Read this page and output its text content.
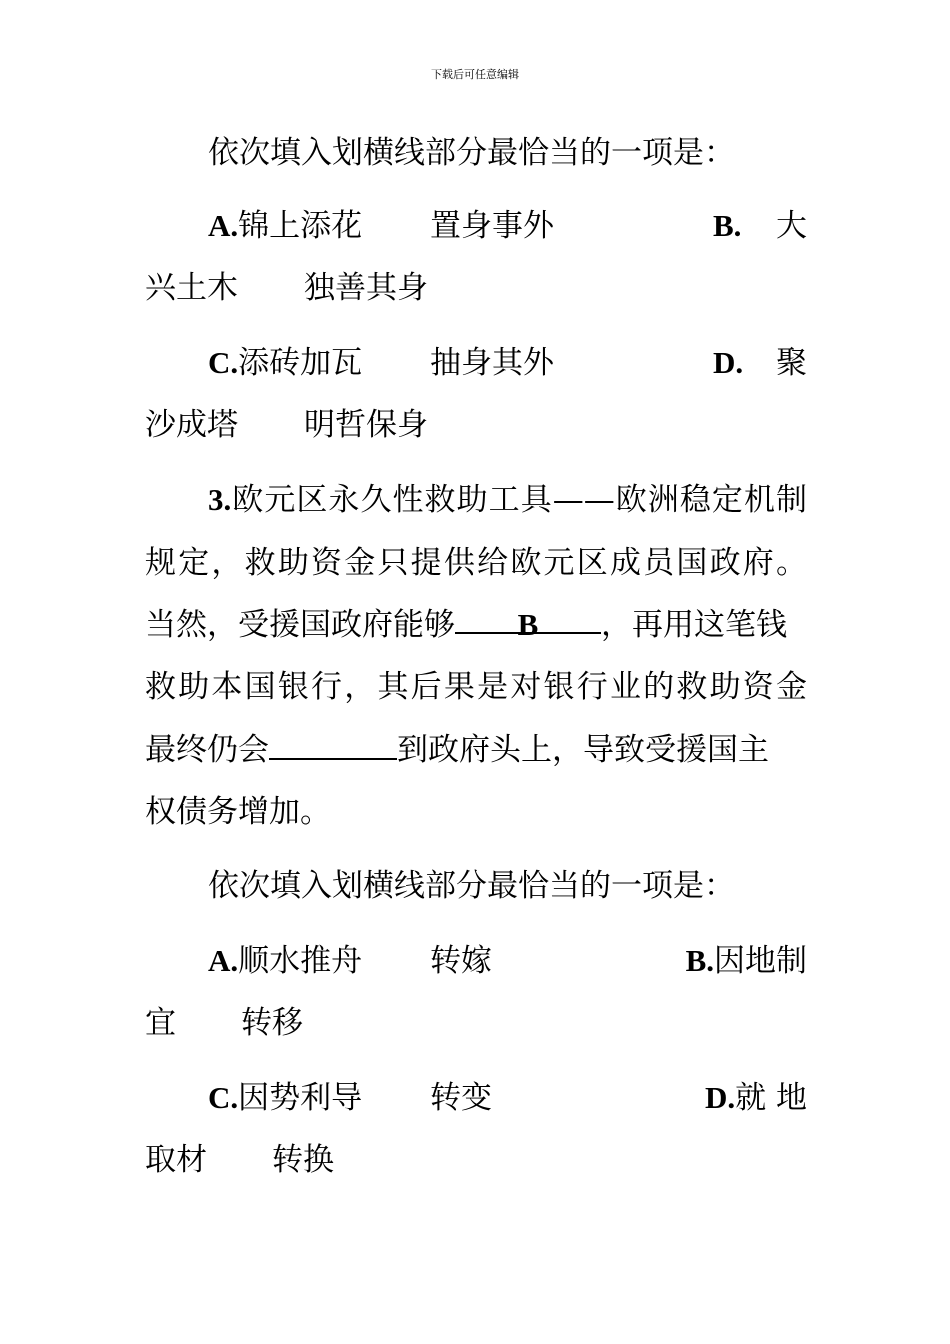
下载后可任意编辑
依次填入划横线部分最恰当的一项是：
A.锦上添花 置身事外	B. 大
兴土木 独善其身
C.添砖加瓦 抽身其外	D. 聚
沙成塔 明哲保身
3.欧元区永久性救助工具——欧洲稳定机制
规定，救助资金只提供给欧元区成员国政府。
当然，受援国政府能够 B ，再用这笔钱
救助本国银行，其后果是对银行业的救助资金
最终仍会	到政府头上，导致受援国主
权债务增加。
依次填入划横线部分最恰当的一项是：
A.顺水推舟 转嫁	B.因地制
宜 转移
C.因势利导 转变	D.就 地
取材 转换
